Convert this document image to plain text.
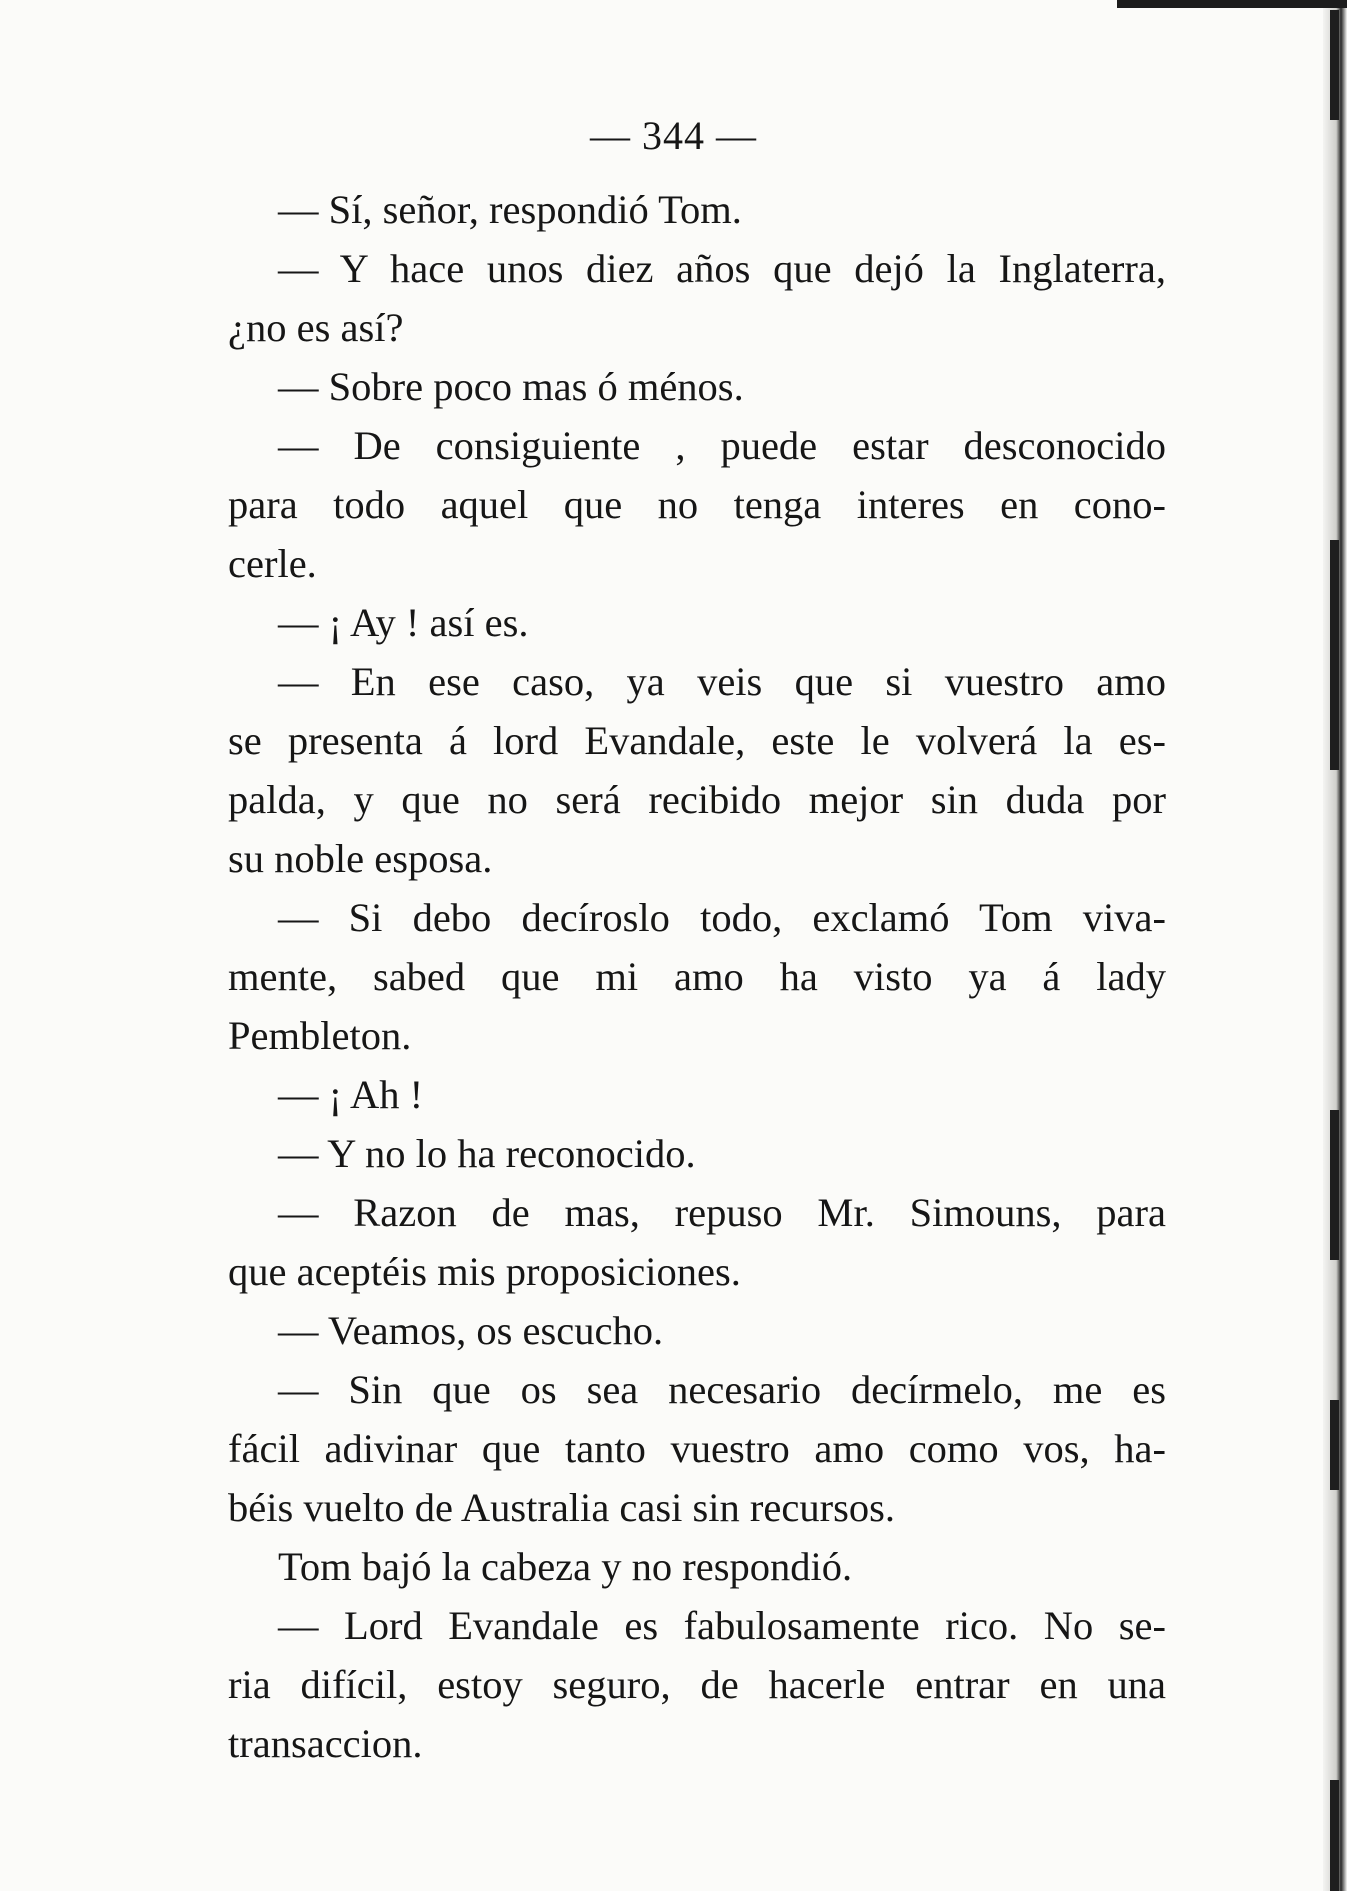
— 344 —
— Sí, señor, respondió Tom.
— Y hace unos diez años que dejó la Inglaterra,
¿no es así?
— Sobre poco mas ó ménos.
— De consiguiente , puede estar desconocido
para todo aquel que no tenga interes en cono-
cerle.
— ¡ Ay ! así es.
— En ese caso, ya veis que si vuestro amo
se presenta á lord Evandale, este le volverá la es-
palda, y que no será recibido mejor sin duda por
su noble esposa.
— Si debo decíroslo todo, exclamó Tom viva-
mente, sabed que mi amo ha visto ya á lady
Pembleton.
— ¡ Ah !
— Y no lo ha reconocido.
— Razon de mas, repuso Mr. Simouns, para
que aceptéis mis proposiciones.
— Veamos, os escucho.
— Sin que os sea necesario decírmelo, me es
fácil adivinar que tanto vuestro amo como vos, ha-
béis vuelto de Australia casi sin recursos.
Tom bajó la cabeza y no respondió.
— Lord Evandale es fabulosamente rico. No se-
ria difícil, estoy seguro, de hacerle entrar en una
transaccion.
